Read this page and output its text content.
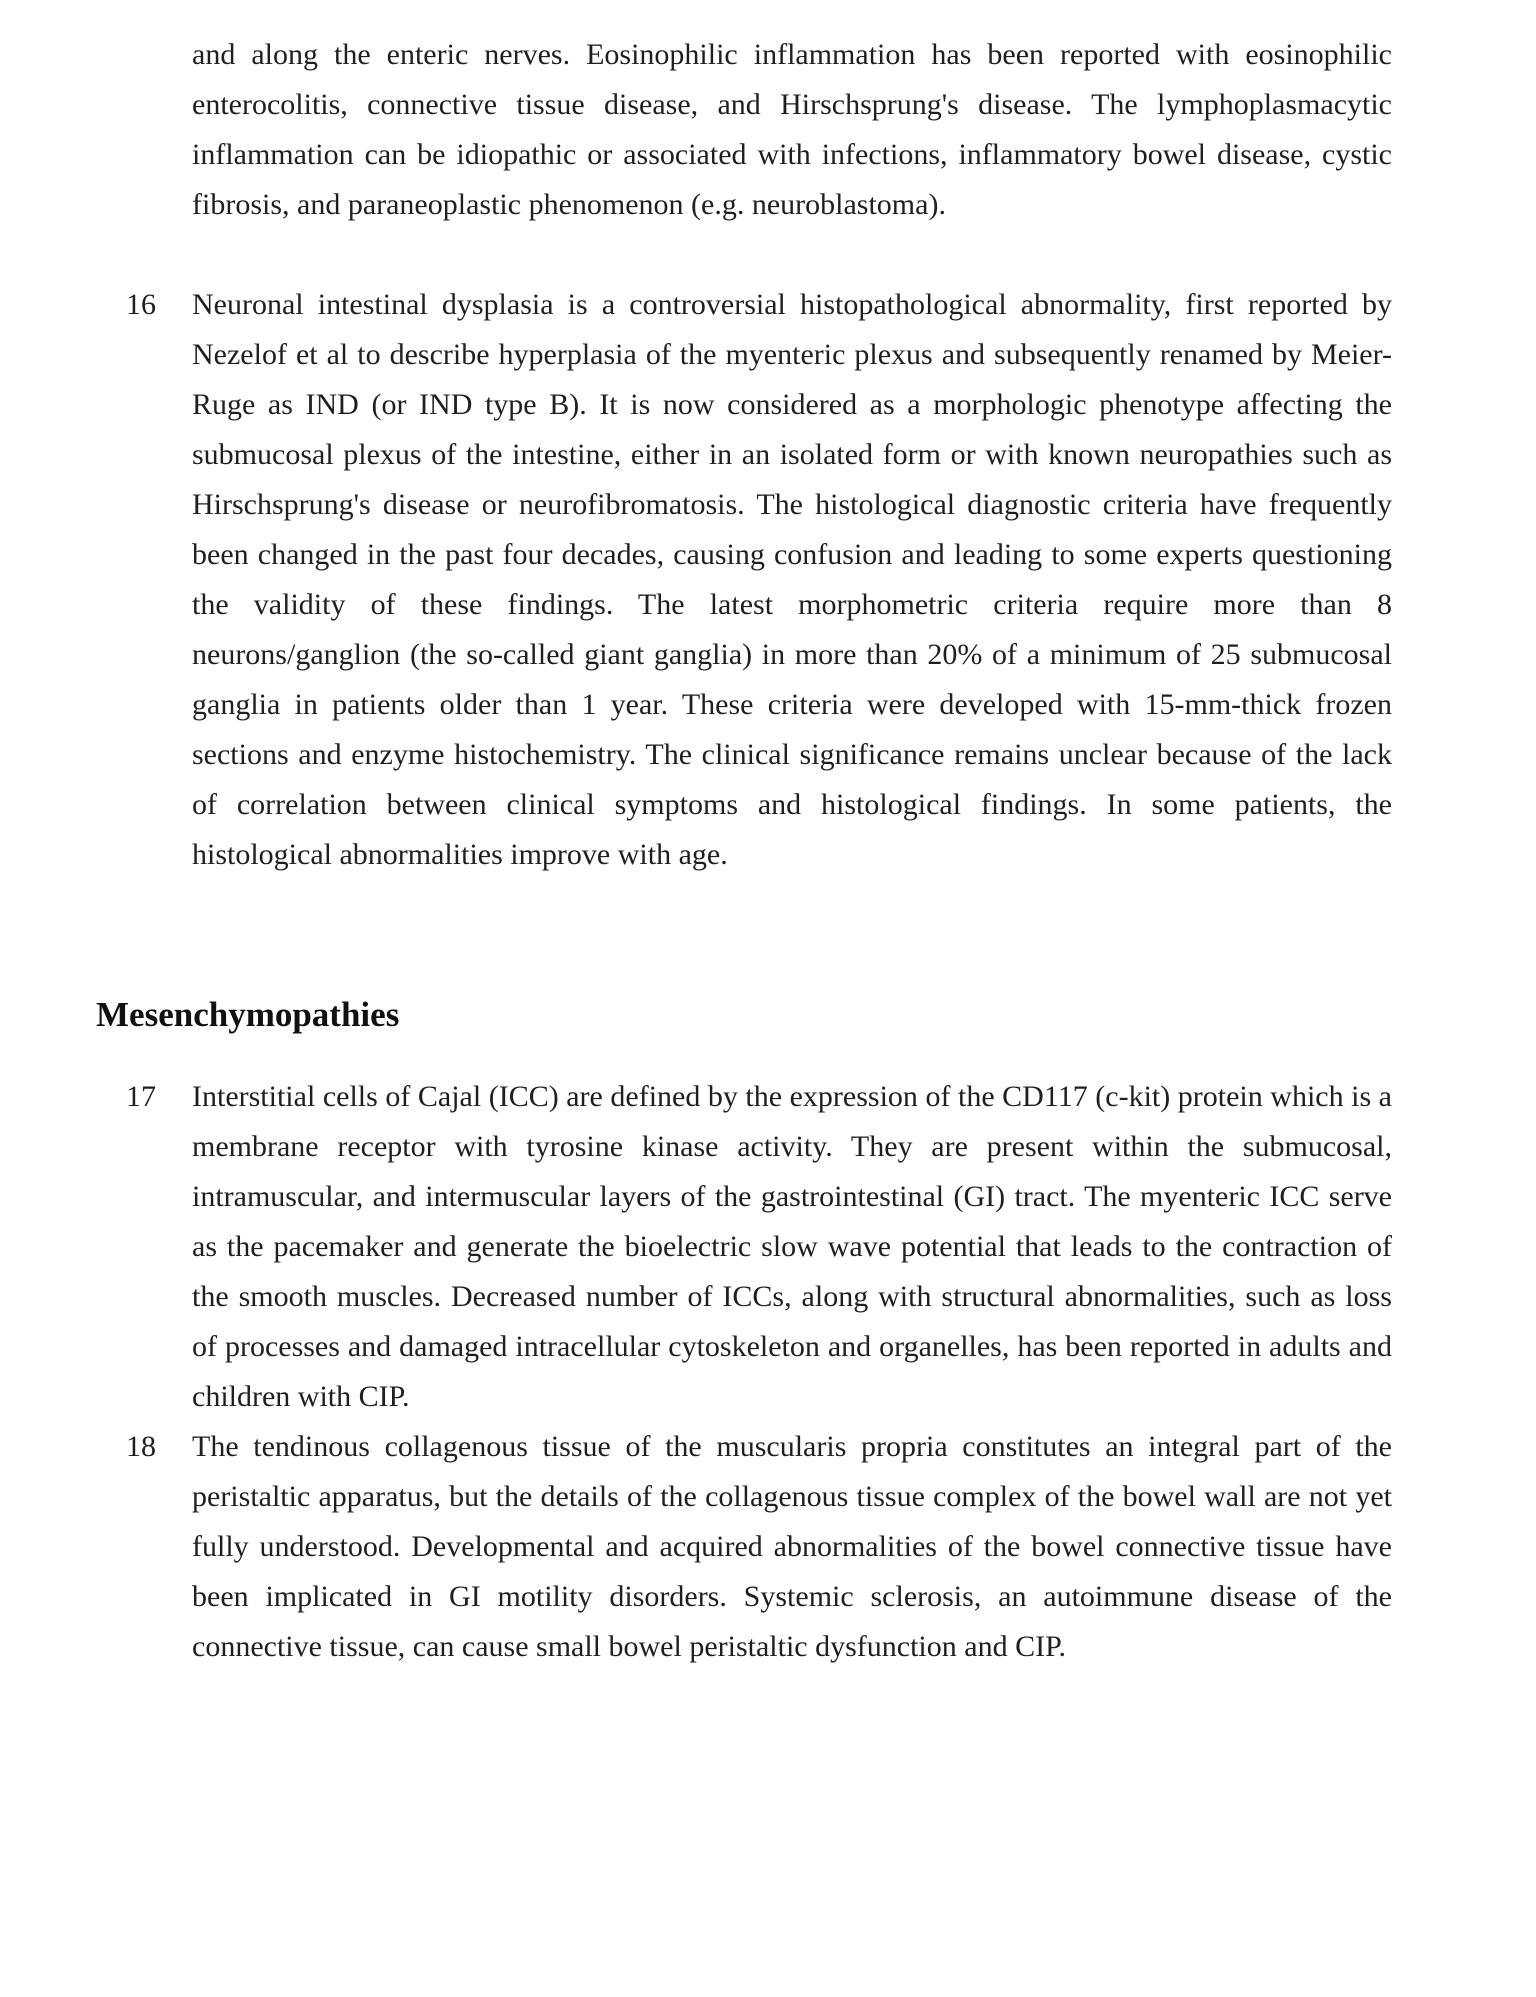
and along the enteric nerves. Eosinophilic inflammation has been reported with eosinophilic enterocolitis, connective tissue disease, and Hirschsprung's disease. The lymphoplasmacytic inflammation can be idiopathic or associated with infections, inflammatory bowel disease, cystic fibrosis, and paraneoplastic phenomenon (e.g. neuroblastoma).

16 Neuronal intestinal dysplasia is a controversial histopathological abnormality, first reported by Nezelof et al to describe hyperplasia of the myenteric plexus and subsequently renamed by Meier-Ruge as IND (or IND type B). It is now considered as a morphologic phenotype affecting the submucosal plexus of the intestine, either in an isolated form or with known neuropathies such as Hirschsprung's disease or neurofibromatosis. The histological diagnostic criteria have frequently been changed in the past four decades, causing confusion and leading to some experts questioning the validity of these findings. The latest morphometric criteria require more than 8 neurons/ganglion (the so-called giant ganglia) in more than 20% of a minimum of 25 submucosal ganglia in patients older than 1 year. These criteria were developed with 15-mm-thick frozen sections and enzyme histochemistry. The clinical significance remains unclear because of the lack of correlation between clinical symptoms and histological findings. In some patients, the histological abnormalities improve with age.

Mesenchymopathies
17 Interstitial cells of Cajal (ICC) are defined by the expression of the CD117 (c-kit) protein which is a membrane receptor with tyrosine kinase activity. They are present within the submucosal, intramuscular, and intermuscular layers of the gastrointestinal (GI) tract. The myenteric ICC serve as the pacemaker and generate the bioelectric slow wave potential that leads to the contraction of the smooth muscles. Decreased number of ICCs, along with structural abnormalities, such as loss of processes and damaged intracellular cytoskeleton and organelles, has been reported in adults and children with CIP.

18 The tendinous collagenous tissue of the muscularis propria constitutes an integral part of the peristaltic apparatus, but the details of the collagenous tissue complex of the bowel wall are not yet fully understood. Developmental and acquired abnormalities of the bowel connective tissue have been implicated in GI motility disorders. Systemic sclerosis, an autoimmune disease of the connective tissue, can cause small bowel peristaltic dysfunction and CIP.
